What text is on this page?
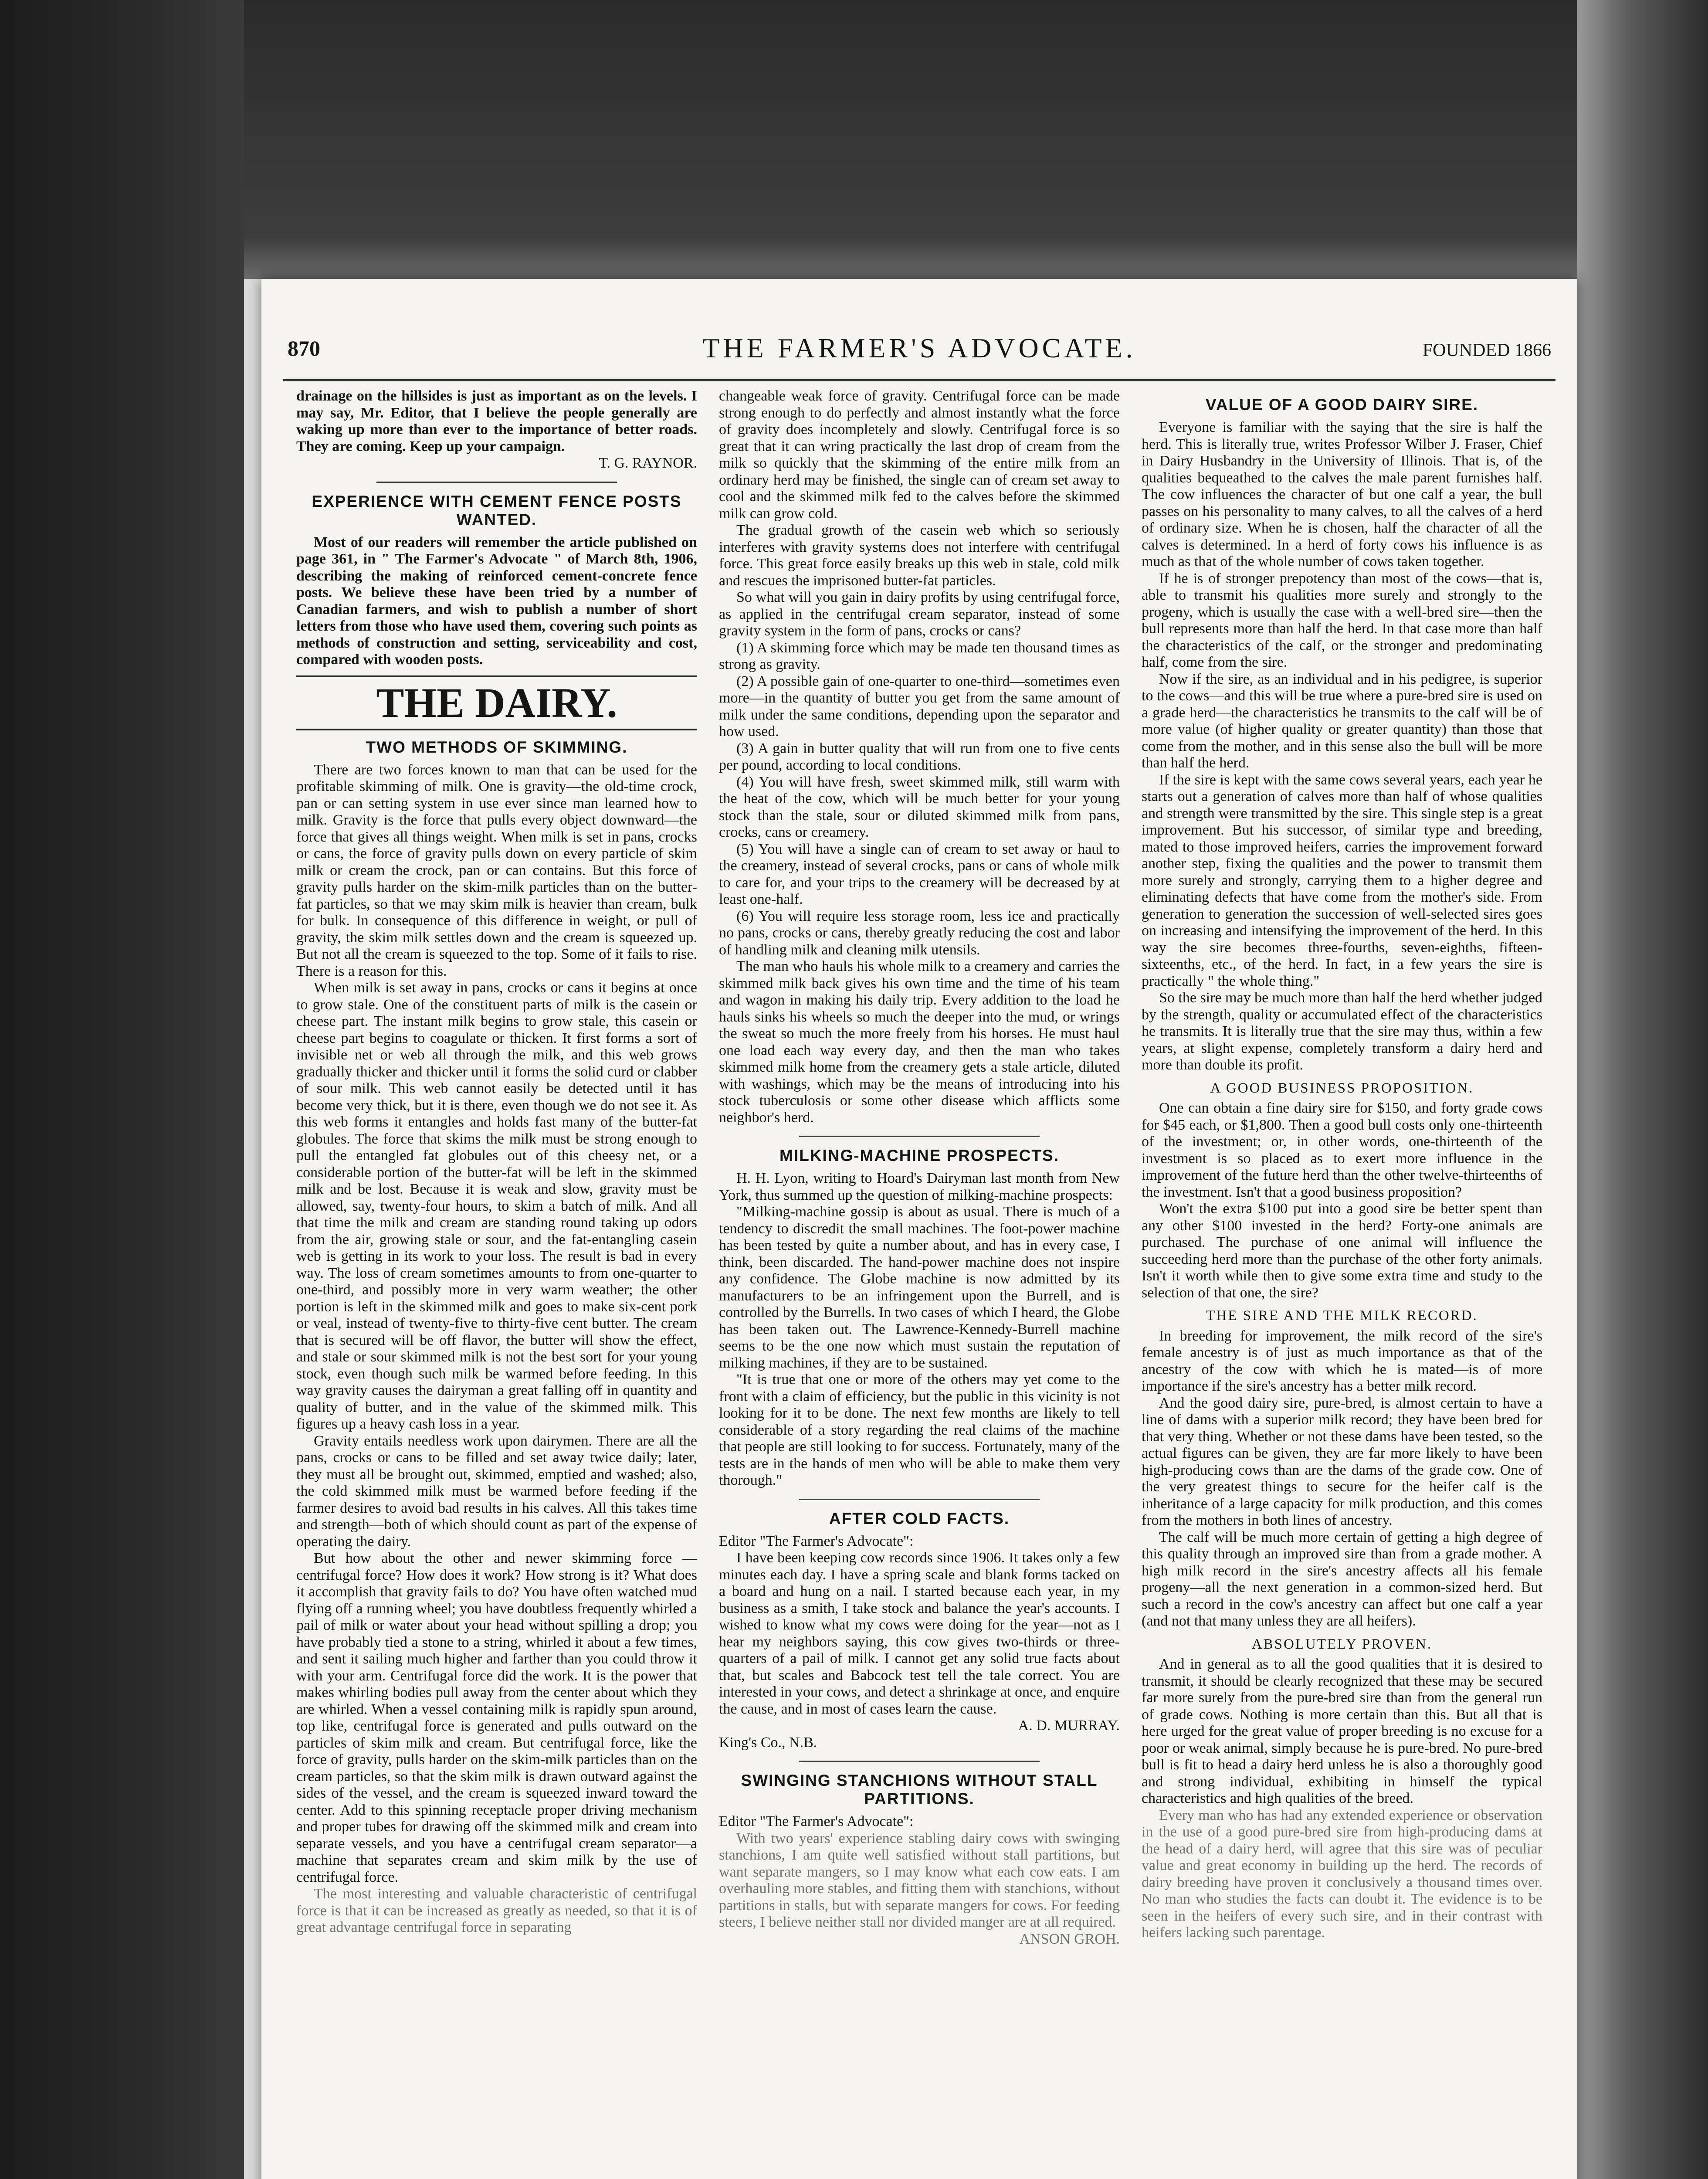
870	THE FARMER'S ADVOCATE.	FOUNDED 1866

drainage on the hillsides is just as important as on the levels. I may say, Mr. Editor, that I believe the people generally are waking up more than ever to the importance of better roads. They are coming. Keep up your campaign.

T. G. RAYNOR.

EXPERIENCE WITH CEMENT FENCE POSTS WANTED.

Most of our readers will remember the article published on page 361, in " The Farmer's Advocate " of March 8th, 1906, describing the making of reinforced cement-concrete fence posts. We believe these have been tried by a number of Canadian farmers, and wish to publish a number of short letters from those who have used them, covering such points as methods of construction and setting, serviceability and cost, compared with wooden posts.

THE DAIRY.
TWO METHODS OF SKIMMING.

There are two forces known to man that can be used for the profitable skimming of milk. One is gravity—the old-time crock, pan or can setting system in use ever since man learned how to milk. Gravity is the force that pulls every object downward—the force that gives all things weight. When milk is set in pans, crocks or cans, the force of gravity pulls down on every particle of skim milk or cream the crock, pan or can contains. But this force of gravity pulls harder on the skim-milk particles than on the butter-fat particles, so that we may skim milk is heavier than cream, bulk for bulk. In consequence of this difference in weight, or pull of gravity, the skim milk settles down and the cream is squeezed up. But not all the cream is squeezed to the top. Some of it fails to rise. There is a reason for this.

When milk is set away in pans, crocks or cans it begins at once to grow stale. One of the constituent parts of milk is the casein or cheese part. The instant milk begins to grow stale, this casein or cheese part begins to coagulate or thicken. It first forms a sort of invisible net or web all through the milk, and this web grows gradually thicker and thicker until it forms the solid curd or clabber of sour milk. This web cannot easily be detected until it has become very thick, but it is there, even though we do not see it. As this web forms it entangles and holds fast many of the butter-fat globules. The force that skims the milk must be strong enough to pull the entangled fat globules out of this cheesy net, or a considerable portion of the butter-fat will be left in the skimmed milk and be lost. Because it is weak and slow, gravity must be allowed, say, twenty-four hours, to skim a batch of milk. And all that time the milk and cream are standing round taking up odors from the air, growing stale or sour, and the fat-entangling casein web is getting in its work to your loss. The result is bad in every way. The loss of cream sometimes amounts to from one-quarter to one-third, and possibly more in very warm weather; the other portion is left in the skimmed milk and goes to make six-cent pork or veal, instead of twenty-five to thirty-five cent butter. The cream that is secured will be off flavor, the butter will show the effect, and stale or sour skimmed milk is not the best sort for your young stock, even though such milk be warmed before feeding. In this way gravity causes the dairyman a great falling off in quantity and quality of butter, and in the value of the skimmed milk. This figures up a heavy cash loss in a year.

Gravity entails needless work upon dairymen. There are all the pans, crocks or cans to be filled and set away twice daily; later, they must all be brought out, skimmed, emptied and washed; also, the cold skimmed milk must be warmed before feeding if the farmer desires to avoid bad results in his calves. All this takes time and strength—both of which should count as part of the expense of operating the dairy.

But how about the other and newer skimming force —centrifugal force? How does it work? How strong is it? What does it accomplish that gravity fails to do? You have often watched mud flying off a running wheel; you have doubtless frequently whirled a pail of milk or water about your head without spilling a drop; you have probably tied a stone to a string, whirled it about a few times, and sent it sailing much higher and farther than you could throw it with your arm. Centrifugal force did the work. It is the power that makes whirling bodies pull away from the center about which they are whirled. When a vessel containing milk is rapidly spun around, top like, centrifugal force is generated and pulls outward on the particles of skim milk and cream. But centrifugal force, like the force of gravity, pulls harder on the skim-milk particles than on the cream particles, so that the skim milk is drawn outward against the sides of the vessel, and the cream is squeezed inward toward the center. Add to this spinning receptacle proper driving mechanism and proper tubes for drawing off the skimmed milk and cream into separate vessels, and you have a centrifugal cream separator—a machine that separates cream and skim milk by the use of centrifugal force.

The most interesting and valuable characteristic of centrifugal force is that it can be increased as greatly as needed, so that it is of great advantage centrifugal force in separating

changeable weak force of gravity. Centrifugal force can be made strong enough to do perfectly and almost instantly what the force of gravity does incompletely and slowly. Centrifugal force is so great that it can wring practically the last drop of cream from the milk so quickly that the skimming of the entire milk from an ordinary herd may be finished, the single can of cream set away to cool and the skimmed milk fed to the calves before the skimmed milk can grow cold.

The gradual growth of the casein web which so seriously interferes with gravity systems does not interfere with centrifugal force. This great force easily breaks up this web in stale, cold milk and rescues the imprisoned butter-fat particles.

So what will you gain in dairy profits by using centrifugal force, as applied in the centrifugal cream separator, instead of some gravity system in the form of pans, crocks or cans?

(1) A skimming force which may be made ten thousand times as strong as gravity.

(2) A possible gain of one-quarter to one-third—sometimes even more—in the quantity of butter you get from the same amount of milk under the same conditions, depending upon the separator and how used.

(3) A gain in butter quality that will run from one to five cents per pound, according to local conditions.

(4) You will have fresh, sweet skimmed milk, still warm with the heat of the cow, which will be much better for your young stock than the stale, sour or diluted skimmed milk from pans, crocks, cans or creamery.

(5) You will have a single can of cream to set away or haul to the creamery, instead of several crocks, pans or cans of whole milk to care for, and your trips to the creamery will be decreased by at least one-half.

(6) You will require less storage room, less ice and practically no pans, crocks or cans, thereby greatly reducing the cost and labor of handling milk and cleaning milk utensils.

The man who hauls his whole milk to a creamery and carries the skimmed milk back gives his own time and the time of his team and wagon in making his daily trip. Every addition to the load he hauls sinks his wheels so much the deeper into the mud, or wrings the sweat so much the more freely from his horses. He must haul one load each way every day, and then the man who takes skimmed milk home from the creamery gets a stale article, diluted with washings, which may be the means of introducing into his stock tuberculosis or some other disease which afflicts some neighbor's herd.

MILKING-MACHINE PROSPECTS.

H. H. Lyon, writing to Hoard's Dairyman last month from New York, thus summed up the question of milking-machine prospects:

"Milking-machine gossip is about as usual. There is much of a tendency to discredit the small machines. The foot-power machine has been tested by quite a number about, and has in every case, I think, been discarded. The hand-power machine does not inspire any confidence. The Globe machine is now admitted by its manufacturers to be an infringement upon the Burrell, and is controlled by the Burrells. In two cases of which I heard, the Globe has been taken out. The Lawrence-Kennedy-Burrell machine seems to be the one now which must sustain the reputation of milking machines, if they are to be sustained.

"It is true that one or more of the others may yet come to the front with a claim of efficiency, but the public in this vicinity is not looking for it to be done. The next few months are likely to tell considerable of a story regarding the real claims of the machine that people are still looking to for success. Fortunately, many of the tests are in the hands of men who will be able to make them very thorough."

AFTER COLD FACTS.

Editor "The Farmer's Advocate":

I have been keeping cow records since 1906. It takes only a few minutes each day. I have a spring scale and blank forms tacked on a board and hung on a nail. I started because each year, in my business as a smith, I take stock and balance the year's accounts. I wished to know what my cows were doing for the year—not as I hear my neighbors saying, this cow gives two-thirds or three-quarters of a pail of milk. I cannot get any solid true facts about that, but scales and Babcock test tell the tale correct. You are interested in your cows, and detect a shrinkage at once, and enquire the cause, and in most of cases learn the cause.

A. D. MURRAY.

King's Co., N.B.

SWINGING STANCHIONS WITHOUT STALL PARTITIONS.

Editor "The Farmer's Advocate":

With two years' experience stabling dairy cows with swinging stanchions, I am quite well satisfied without stall partitions, but want separate mangers, so I may know what each cow eats. I am overhauling more stables, and fitting them with stanchions, without partitions in stalls, but with separate mangers for cows. For feeding steers, I believe neither stall nor divided manger are at all required.

ANSON GROH.

VALUE OF A GOOD DAIRY SIRE.

Everyone is familiar with the saying that the sire is half the herd. This is literally true, writes Professor Wilber J. Fraser, Chief in Dairy Husbandry in the University of Illinois. That is, of the qualities bequeathed to the calves the male parent furnishes half. The cow influences the character of but one calf a year, the bull passes on his personality to many calves, to all the calves of a herd of ordinary size. When he is chosen, half the character of all the calves is determined. In a herd of forty cows his influence is as much as that of the whole number of cows taken together.

If he is of stronger prepotency than most of the cows—that is, able to transmit his qualities more surely and strongly to the progeny, which is usually the case with a well-bred sire—then the bull represents more than half the herd. In that case more than half the characteristics of the calf, or the stronger and predominating half, come from the sire.

Now if the sire, as an individual and in his pedigree, is superior to the cows—and this will be true where a pure-bred sire is used on a grade herd—the characteristics he transmits to the calf will be of more value (of higher quality or greater quantity) than those that come from the mother, and in this sense also the bull will be more than half the herd.

If the sire is kept with the same cows several years, each year he starts out a generation of calves more than half of whose qualities and strength were transmitted by the sire. This single step is a great improvement. But his successor, of similar type and breeding, mated to those improved heifers, carries the improvement forward another step, fixing the qualities and the power to transmit them more surely and strongly, carrying them to a higher degree and eliminating defects that have come from the mother's side. From generation to generation the succession of well-selected sires goes on increasing and intensifying the improvement of the herd. In this way the sire becomes three-fourths, seven-eighths, fifteen-sixteenths, etc., of the herd. In fact, in a few years the sire is practically " the whole thing."

So the sire may be much more than half the herd whether judged by the strength, quality or accumulated effect of the characteristics he transmits. It is literally true that the sire may thus, within a few years, at slight expense, completely transform a dairy herd and more than double its profit.

A GOOD BUSINESS PROPOSITION.

One can obtain a fine dairy sire for $150, and forty grade cows for $45 each, or $1,800. Then a good bull costs only one-thirteenth of the investment; or, in other words, one-thirteenth of the investment is so placed as to exert more influence in the improvement of the future herd than the other twelve-thirteenths of the investment. Isn't that a good business proposition?

Won't the extra $100 put into a good sire be better spent than any other $100 invested in the herd? Forty-one animals are purchased. The purchase of one animal will influence the succeeding herd more than the purchase of the other forty animals. Isn't it worth while then to give some extra time and study to the selection of that one, the sire?

THE SIRE AND THE MILK RECORD.

In breeding for improvement, the milk record of the sire's female ancestry is of just as much importance as that of the ancestry of the cow with which he is mated—is of more importance if the sire's ancestry has a better milk record.

And the good dairy sire, pure-bred, is almost certain to have a line of dams with a superior milk record; they have been bred for that very thing. Whether or not these dams have been tested, so the actual figures can be given, they are far more likely to have been high-producing cows than are the dams of the grade cow. One of the very greatest things to secure for the heifer calf is the inheritance of a large capacity for milk production, and this comes from the mothers in both lines of ancestry.

The calf will be much more certain of getting a high degree of this quality through an improved sire than from a grade mother. A high milk record in the sire's ancestry affects all his female progeny—all the next generation in a common-sized herd. But such a record in the cow's ancestry can affect but one calf a year (and not that many unless they are all heifers).

ABSOLUTELY PROVEN.

And in general as to all the good qualities that it is desired to transmit, it should be clearly recognized that these may be secured far more surely from the pure-bred sire than from the general run of grade cows. Nothing is more certain than this. But all that is here urged for the great value of proper breeding is no excuse for a poor or weak animal, simply because he is pure-bred. No pure-bred bull is fit to head a dairy herd unless he is also a thoroughly good and strong individual, exhibiting in himself the typical characteristics and high qualities of the breed.

Every man who has had any extended experience or observation in the use of a good pure-bred sire from high-producing dams at the head of a dairy herd, will agree that this sire was of peculiar value and great economy in building up the herd. The records of dairy breeding have proven it conclusively a thousand times over. No man who studies the facts can doubt it. The evidence is to be seen in the heifers of every such sire, and in their contrast with heifers lacking such parentage.
